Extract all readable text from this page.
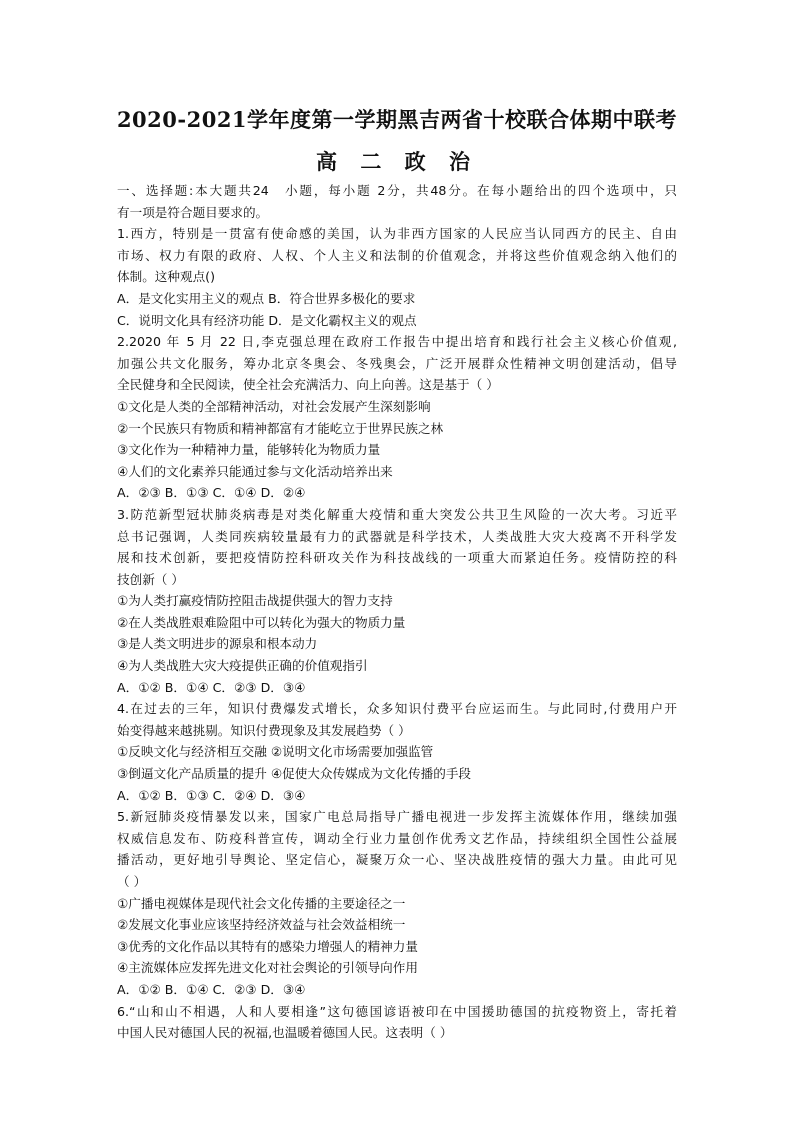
2020-2021学年度第一学期黑吉两省十校联合体期中联考
高 二 政 治
一、选择题:本大题共24　小题，每小题 2分，共48分。在每小题给出的四个选项中，只
有一项是符合题目要求的。
1.西方，特别是一贯富有使命感的美国，认为非西方国家的人民应当认同西方的民主、自由
市场、权力有限的政府、人权、个人主义和法制的价值观念，并将这些价值观念纳入他们的
体制。这种观点()
A．是文化实用主义的观点 B．符合世界多极化的要求
C．说明文化具有经济功能 D．是文化霸权主义的观点
2.2020 年 5 月 22 日,李克强总理在政府工作报告中提出培育和践行社会主义核心价值观,
加强公共文化服务，筹办北京冬奥会、冬残奥会，广泛开展群众性精神文明创建活动，倡导
全民健身和全民阅读，使全社会充满活力、向上向善。这是基于（ ）
①文化是人类的全部精神活动，对社会发展产生深刻影响
②一个民族只有物质和精神都富有才能屹立于世界民族之林
③文化作为一种精神力量，能够转化为物质力量
④人们的文化素养只能通过参与文化活动培养出来
A．②③ B．①③ C．①④ D．②④
3.防范新型冠状肺炎病毒是对类化解重大疫情和重大突发公共卫生风险的一次大考。习近平
总书记强调，人类同疾病较量最有力的武器就是科学技术，人类战胜大灾大疫离不开科学发
展和技术创新，要把疫情防控科研攻关作为科技战线的一项重大而紧迫任务。疫情防控的科
技创新（ ）
①为人类打赢疫情防控阻击战提供强大的智力支持
②在人类战胜艰难险阻中可以转化为强大的物质力量
③是人类文明进步的源泉和根本动力
④为人类战胜大灾大疫提供正确的价值观指引
A．①② B．①④ C．②③ D．③④
4.在过去的三年，知识付费爆发式增长，众多知识付费平台应运而生。与此同时,付费用户开
始变得越来越挑剔。知识付费现象及其发展趋势（ ）
①反映文化与经济相互交融 ②说明文化市场需要加强监管
③倒逼文化产品质量的提升 ④促使大众传媒成为文化传播的手段
A．①② B．①③ C．②④ D．③④
5.新冠肺炎疫情暴发以来，国家广电总局指导广播电视进一步发挥主流媒体作用，继续加强
权威信息发布、防疫科普宣传，调动全行业力量创作优秀文艺作品，持续组织全国性公益展
播活动，更好地引导舆论、坚定信心，凝聚万众一心、坚决战胜疫情的强大力量。由此可见
（ ）
①广播电视媒体是现代社会文化传播的主要途径之一
②发展文化事业应该坚持经济效益与社会效益相统一
③优秀的文化作品以其特有的感染力增强人的精神力量
④主流媒体应发挥先进文化对社会舆论的引领导向作用
A．①② B．①④ C．②③ D．③④
6.“山和山不相遇，人和人要相逢”这句德国谚语被印在中国援助德国的抗疫物资上，寄托着
中国人民对德国人民的祝福,也温暖着德国人民。这表明（ ）
